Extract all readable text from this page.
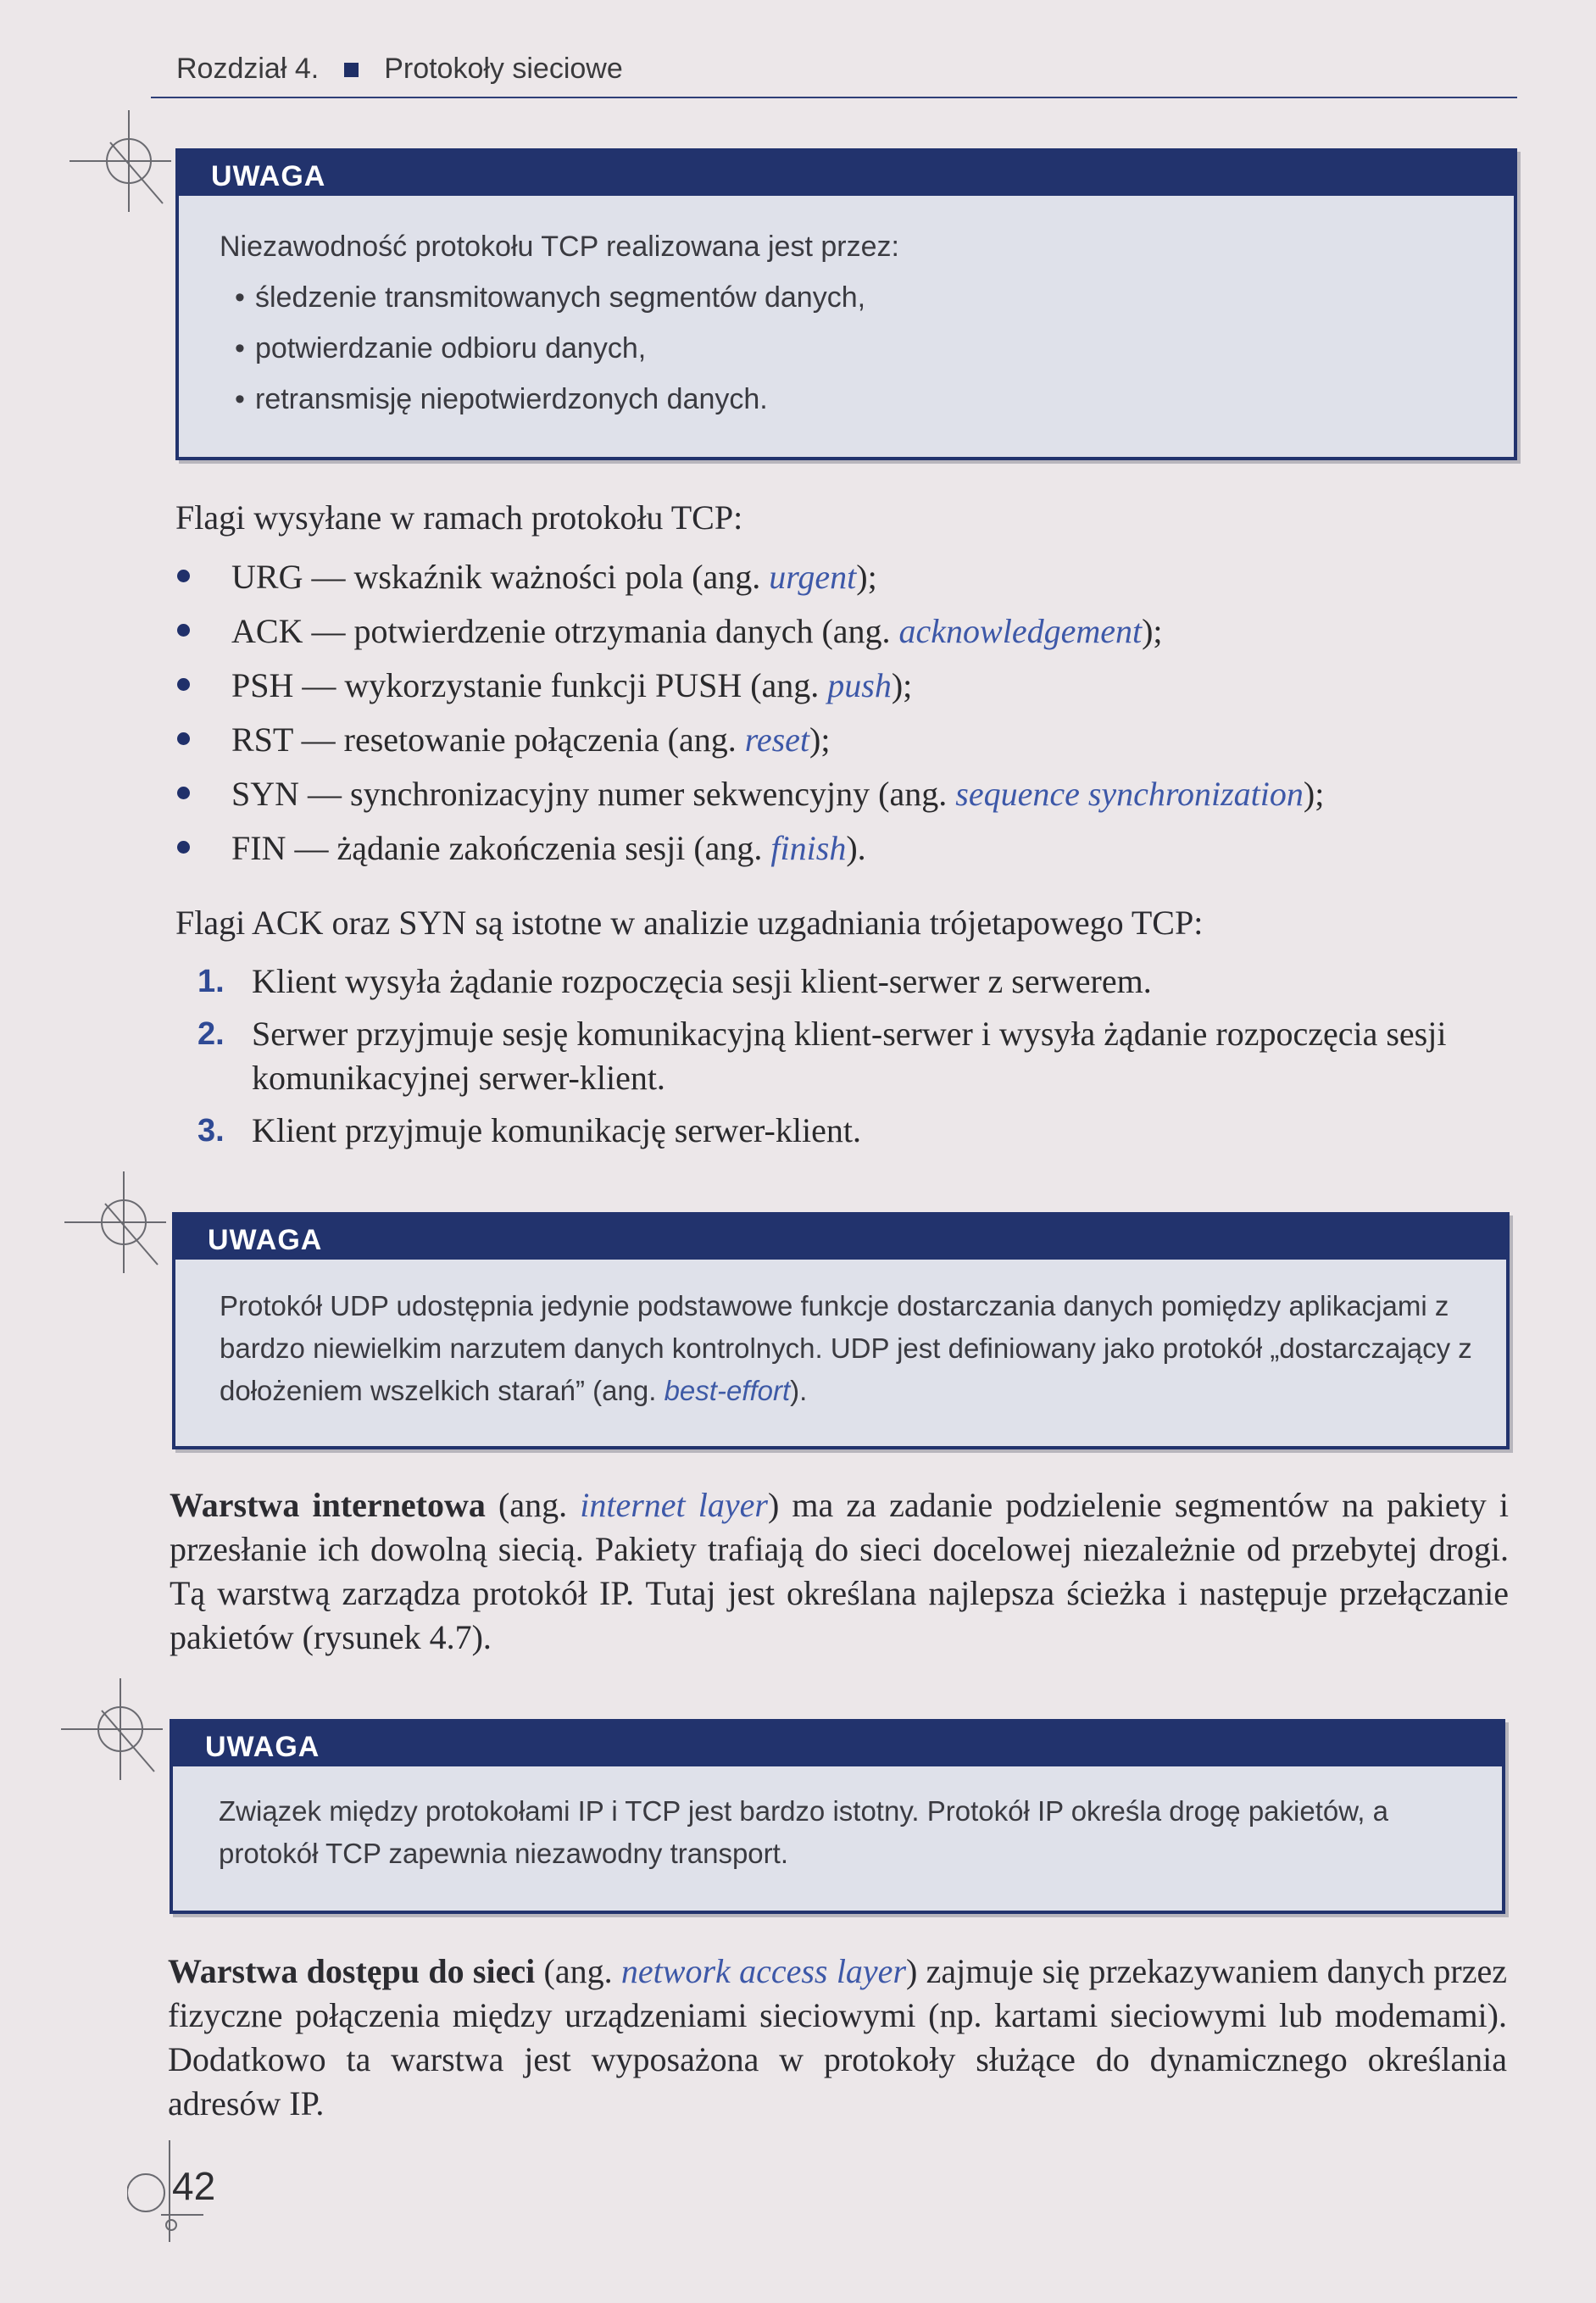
Rozdział 4. Protokoły sieciowe
UWAGA

Niezawodność protokołu TCP realizowana jest przez:

• śledzenie transmitowanych segmentów danych,
• potwierdzanie odbioru danych,
• retransmisję niepotwierdzonych danych.
Flagi wysyłane w ramach protokołu TCP:
URG — wskaźnik ważności pola (ang. urgent);
ACK — potwierdzenie otrzymania danych (ang. acknowledgement);
PSH — wykorzystanie funkcji PUSH (ang. push);
RST — resetowanie połączenia (ang. reset);
SYN — synchronizacyjny numer sekwencyjny (ang. sequence synchronization);
FIN — żądanie zakończenia sesji (ang. finish).
Flagi ACK oraz SYN są istotne w analizie uzgadniania trójetapowego TCP:
1. Klient wysyła żądanie rozpoczęcia sesji klient-serwer z serwerem.
2. Serwer przyjmuje sesję komunikacyjną klient-serwer i wysyła żądanie rozpoczęcia sesji komunikacyjnej serwer-klient.
3. Klient przyjmuje komunikację serwer-klient.
UWAGA

Protokół UDP udostępnia jedynie podstawowe funkcje dostarczania danych pomiędzy aplikacjami z bardzo niewielkim narzutem danych kontrolnych. UDP jest definiowany jako protokół „dostarczający z dołożeniem wszelkich starań” (ang. best-effort).

Warstwa internetowa (ang. internet layer) ma za zadanie podzielenie segmentów na pakiety i przesłanie ich dowolną siecią. Pakiety trafiają do sieci docelowej niezależnie od przebytej drogi. Tą warstwą zarządza protokół IP. Tutaj jest określana najlepsza ścieżka i następuje przełączanie pakietów (rysunek 4.7).
UWAGA

Związek między protokołami IP i TCP jest bardzo istotny. Protokół IP określa drogę pakietów, a protokół TCP zapewnia niezawodny transport.

Warstwa dostępu do sieci (ang. network access layer) zajmuje się przekazywaniem danych przez fizyczne połączenia między urządzeniami sieciowymi (np. kartami sieciowymi lub modemami). Dodatkowo ta warstwa jest wyposażona w protokoły służące do dynamicznego określania adresów IP.
42
